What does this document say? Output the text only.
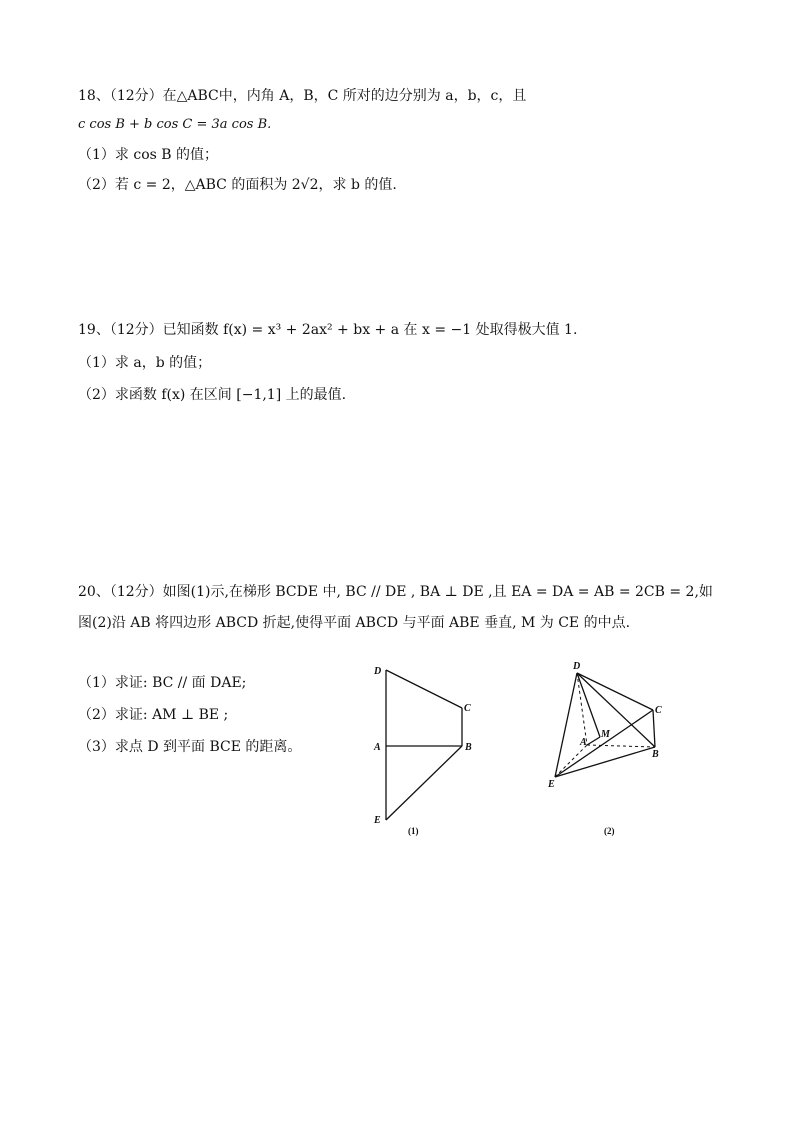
18、（12分）在△ABC中，内角 A，B，C 所对的边分别为 a，b，c，且
c cos B + b cos C = 3a cos B.
（1）求 cos B 的值；
（2）若 c = 2，△ABC 的面积为 2√2，求 b 的值.
19、（12分）已知函数 f(x) = x³ + 2ax² + bx + a 在 x = −1 处取得极大值 1.
（1）求 a，b 的值；
（2）求函数 f(x) 在区间 [−1,1] 上的最值.
20、（12分）如图(1)示,在梯形 BCDE 中, BC // DE , BA ⊥ DE ,且 EA = DA = AB = 2CB = 2,如
图(2)沿 AB 将四边形 ABCD 折起,使得平面 ABCD 与平面 ABE 垂直, M 为 CE 的中点.
（1）求证: BC // 面 DAE;
（2）求证: AM ⊥ BE ;
（3）求点 D 到平面 BCE 的距离。
D
C
A	B
E
(1)
D
C
A
M
B
E
(2)
